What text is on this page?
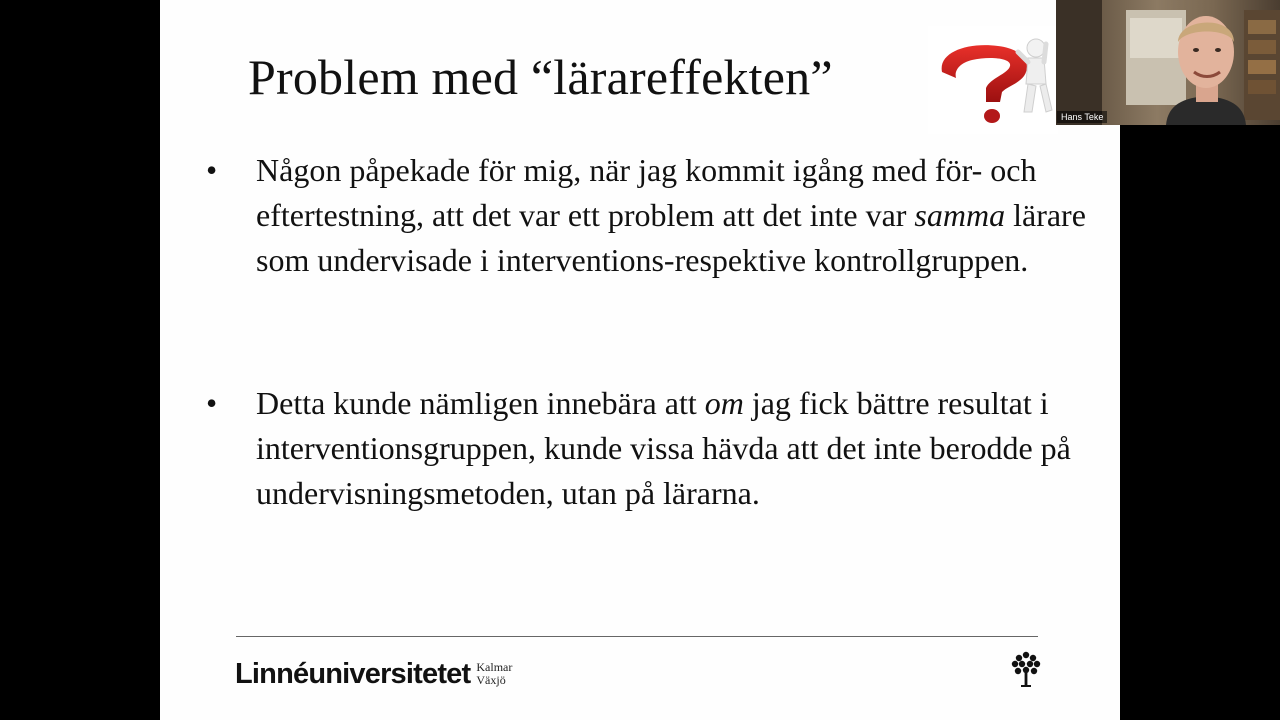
Problem med “lärareffekten”
•	Någon påpekade för mig, när jag kommit igång med för- och eftertestning, att det var ett problem att det inte var samma lärare som undervisade i interventions-respektive kontrollgruppen.
•	Detta kunde nämligen innebära att om jag fick bättre resultat i interventionsgruppen, kunde vissa hävda att det inte berodde på undervisningsmetoden, utan på lärarna.
Linnéuniversitetet Kalmar
Växjö
Hans Teke
